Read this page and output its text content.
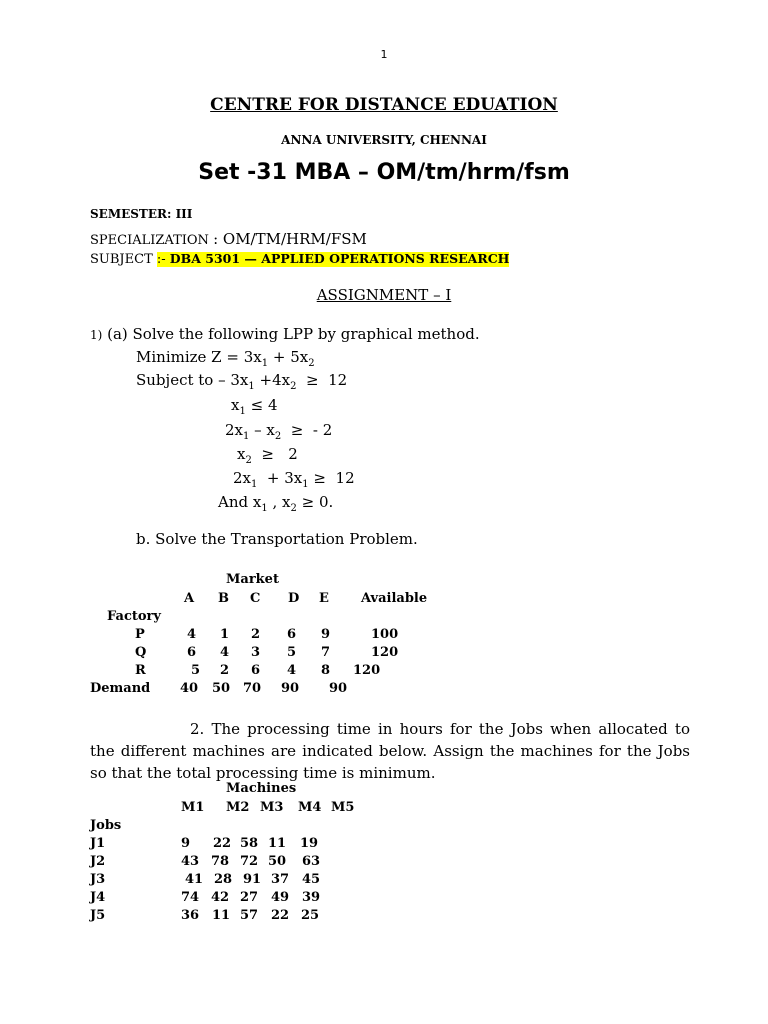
1
CENTRE FOR DISTANCE EDUATION
ANNA UNIVERSITY, CHENNAI
Set -31 MBA – OM/tm/hrm/fsm
SEMESTER: III
SPECIALIZATION : OM/TM/HRM/FSM
SUBJECT :- DBA 5301 — APPLIED OPERATIONS RESEARCH
ASSIGNMENT – I
1) (a) Solve the following LPP by graphical method.
Minimize $Z = 3x_1 + 5x_2$
Subject to – $3x_1 +4x_2 \ge 12$
$x_1 \le 4$
$2x_1 - x_2$  ≥  - 2
$x_2 \ge 2$
$2x_1 + 3x_1 \ge 12$
And $x_1$ , $x_2 \ge 0$.
b. Solve the Transportation Problem.
Market
A B C D E Available
Factory
P	4 1 2 6 9	100
Q	6 4 3 5 7	120
R	5 2 6 4 8 120
Demand 40 50 70 90 90
2. The processing time in hours for the Jobs when allocated to the different machines are indicated below. Assign the machines for the Jobs so that the total processing time is minimum.
Machines
M1 M2 M3 M4 M5
Jobs
J1	9 22 58 11 19
J2	43 78 72 50 63
J3	41 28 91 37 45
J4	74 42 27 49 39
J5	36 11 57 22 25
